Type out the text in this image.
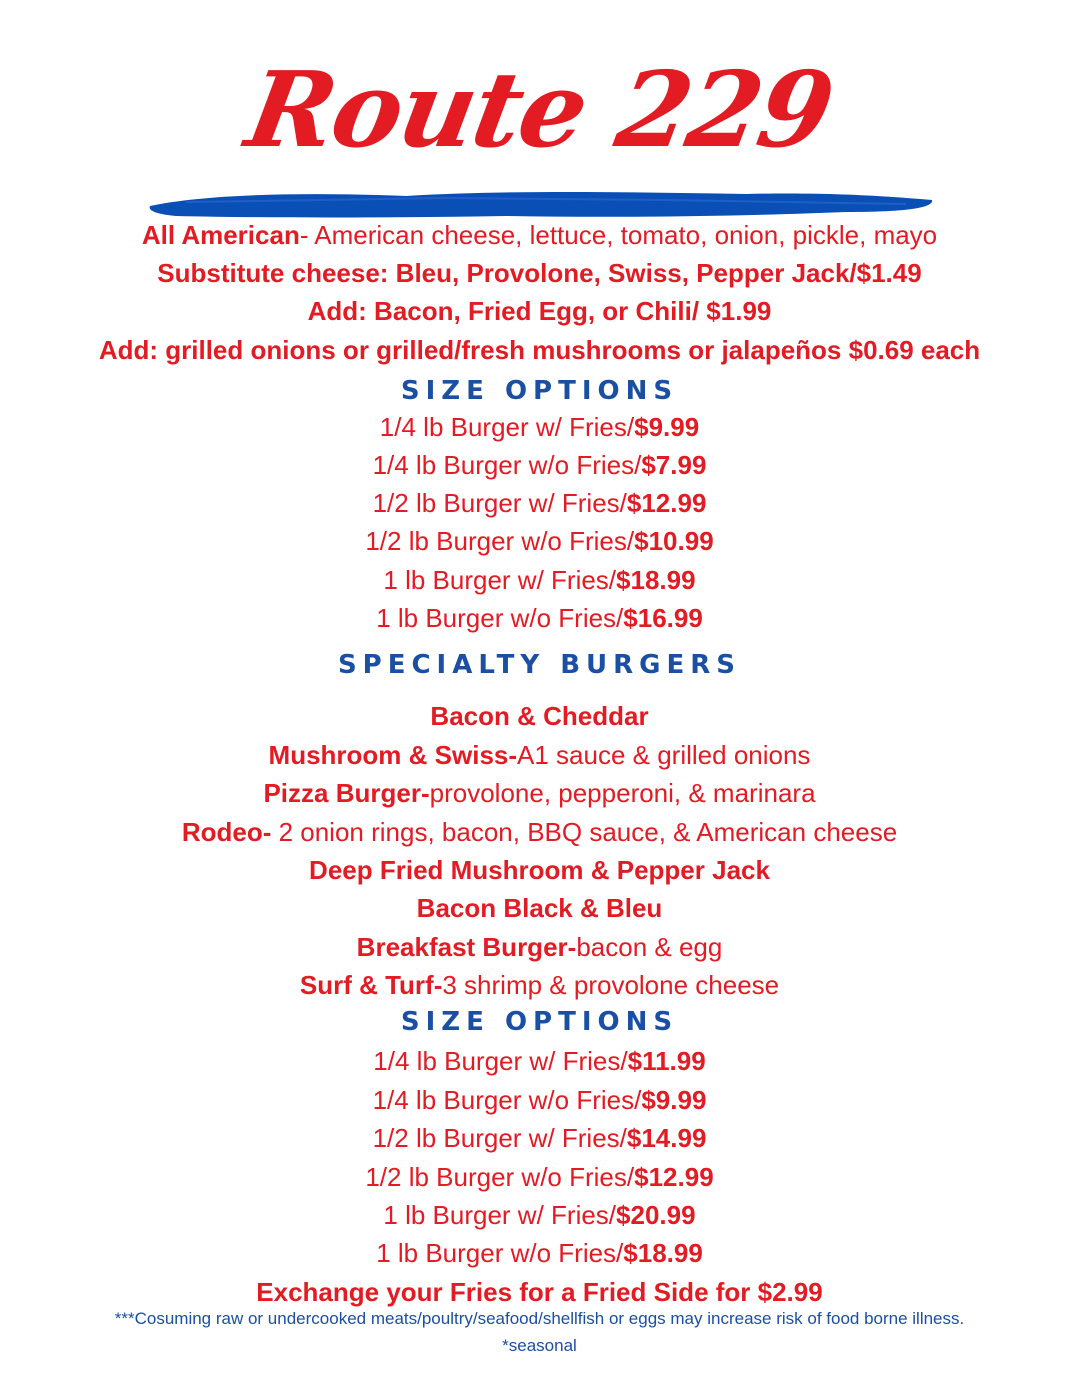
Route 229
All American- American cheese, lettuce, tomato, onion, pickle, mayo
Substitute cheese: Bleu, Provolone, Swiss, Pepper Jack/$1.49
Add: Bacon, Fried Egg, or Chili/ $1.99
Add: grilled onions or grilled/fresh mushrooms or jalapeños $0.69 each
SIZE OPTIONS
1/4 lb Burger w/ Fries/$9.99
1/4 lb Burger w/o Fries/$7.99
1/2 lb Burger w/ Fries/$12.99
1/2 lb Burger w/o Fries/$10.99
1 lb Burger w/ Fries/$18.99
1 lb Burger w/o Fries/$16.99
SPECIALTY BURGERS
Bacon & Cheddar
Mushroom & Swiss-A1 sauce & grilled onions
Pizza Burger-provolone, pepperoni, & marinara
Rodeo- 2 onion rings, bacon, BBQ sauce, & American cheese
Deep Fried Mushroom & Pepper Jack
Bacon Black & Bleu
Breakfast Burger-bacon & egg
Surf & Turf-3 shrimp & provolone cheese
SIZE OPTIONS
1/4 lb Burger w/ Fries/$11.99
1/4 lb Burger w/o Fries/$9.99
1/2 lb Burger w/ Fries/$14.99
1/2 lb Burger w/o Fries/$12.99
1 lb Burger w/ Fries/$20.99
1 lb Burger w/o Fries/$18.99
Exchange your Fries for a Fried Side for $2.99
***Cosuming raw or undercooked meats/poultry/seafood/shellfish or eggs may increase risk of food borne illness.
*seasonal
